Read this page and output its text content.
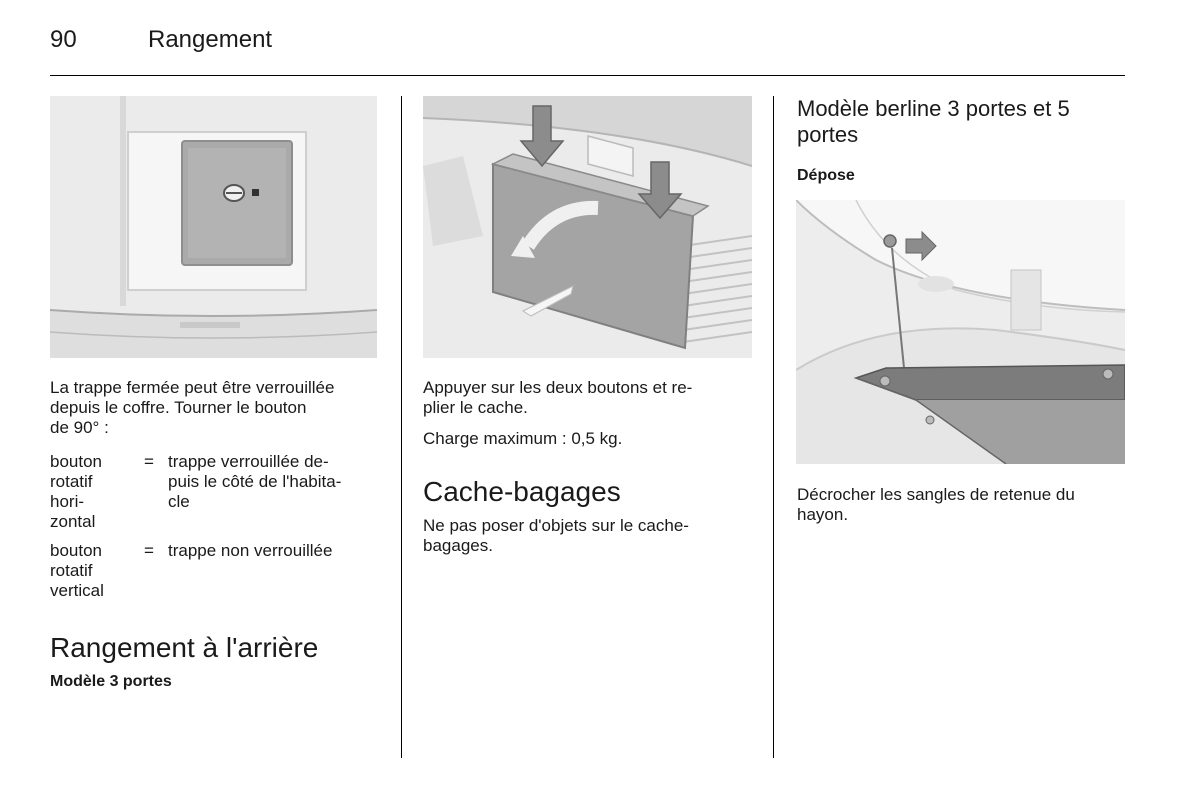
90	Rangement

La trappe fermée peut être verrouillée

depuis le coffre. Tourner le bouton

de 90° :

bouton
rotatif
hori-
zontal
= trappe verrouillée de-
puis le côté de l'habita-
cle
bouton
rotatif
vertical
= trappe non verrouillée
Rangement à l'arrière
Modèle 3 portes

Appuyer sur les deux boutons et re-

plier le cache.

Charge maximum : 0,5 kg.

Cache-bagages

Ne pas poser d'objets sur le cache-

bagages.

Modèle berline 3 portes et 5
portes
Dépose

Décrocher les sangles de retenue du

hayon.
